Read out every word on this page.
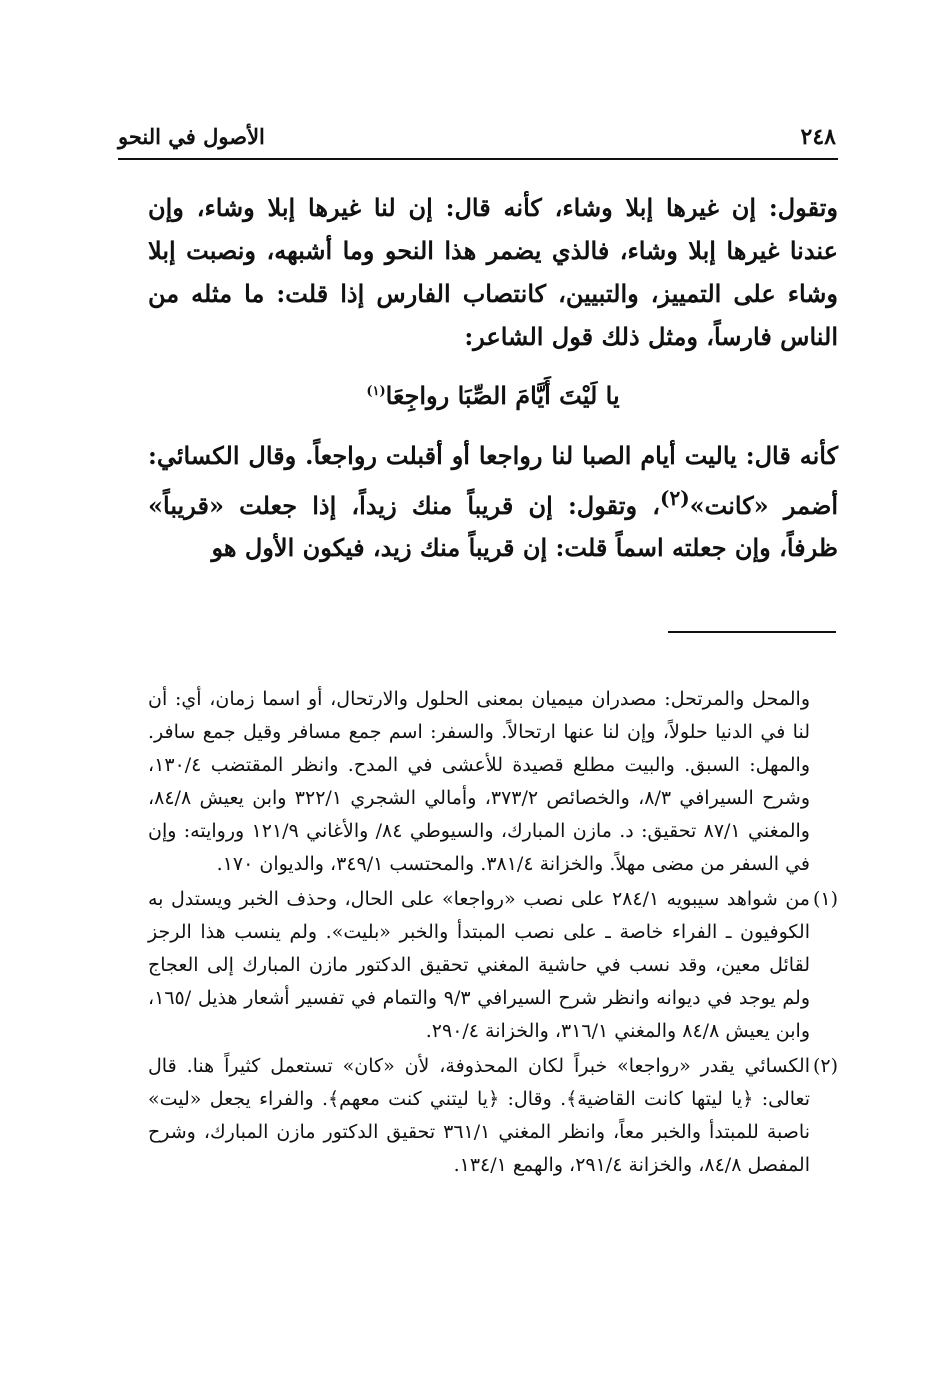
٢٤٨
الأصول في النحو

وتقول: إن غيرها إبلا وشاء، كأنه قال: إن لنا غيرها إبلا وشاء، وإن عندنا غيرها إبلا وشاء، فالذي يضمر هذا النحو وما أشبهه، ونصبت إبلا وشاء على التمييز، والتبيين، كانتصاب الفارس إذا قلت: ما مثله من الناس فارساً، ومثل ذلك قول الشاعر:

يا لَيْتَ أَيَّامَ الصِّبَا رواجِعَا$^{(١)}$

كأنه قال: ياليت أيام الصبا لنا رواجعا أو أقبلت رواجعاً. وقال الكسائي: أضمر «كانت»$^{(٢)}$، وتقول: إن قريباً منك زيداً، إذا جعلت «قريباً» ظرفاً، وإن جعلته اسماً قلت: إن قريباً منك زيد، فيكون الأول هو

والمحل والمرتحل: مصدران ميميان بمعنى الحلول والارتحال، أو اسما زمان، أي: أن لنا في الدنيا حلولاً، وإن لنا عنها ارتحالاً. والسفر: اسم جمع مسافر وقيل جمع سافر. والمهل: السبق. والبيت مطلع قصيدة للأعشى في المدح. وانظر المقتضب ١٣٠/٤، وشرح السيرافي ٨/٣، والخصائص ٣٧٣/٢، وأمالي الشجري ٣٢٢/١ وابن يعيش ٨٤/٨، والمغني ٨٧/١ تحقيق: د. مازن المبارك، والسيوطي ٨٤/ والأغاني ١٢١/٩ وروايته: وإن في السفر من مضى مهلاً. والخزانة ٣٨١/٤. والمحتسب ٣٤٩/١، والديوان ١٧٠.

(١)
من شواهد سيبويه ٢٨٤/١ على نصب «رواجعا» على الحال، وحذف الخبر ويستدل به الكوفيون ـ الفراء خاصة ـ على نصب المبتدأ والخبر «بليت». ولم ينسب هذا الرجز لقائل معين، وقد نسب في حاشية المغني تحقيق الدكتور مازن المبارك إلى العجاج ولم يوجد في ديوانه وانظر شرح السيرافي ٩/٣ والتمام في تفسير أشعار هذيل /١٦٥، وابن يعيش ٨٤/٨ والمغني ٣١٦/١، والخزانة ٢٩٠/٤.

(٢)
الكسائي يقدر «رواجعا» خبراً لكان المحذوفة، لأن «كان» تستعمل كثيراً هنا. قال تعالى: ﴿يا ليتها كانت القاضية﴾. وقال: ﴿يا ليتني كنت معهم﴾. والفراء يجعل «ليت» ناصبة للمبتدأ والخبر معاً، وانظر المغني ٣٦١/١ تحقيق الدكتور مازن المبارك، وشرح المفصل ٨٤/٨، والخزانة ٢٩١/٤، والهمع ١٣٤/١.
